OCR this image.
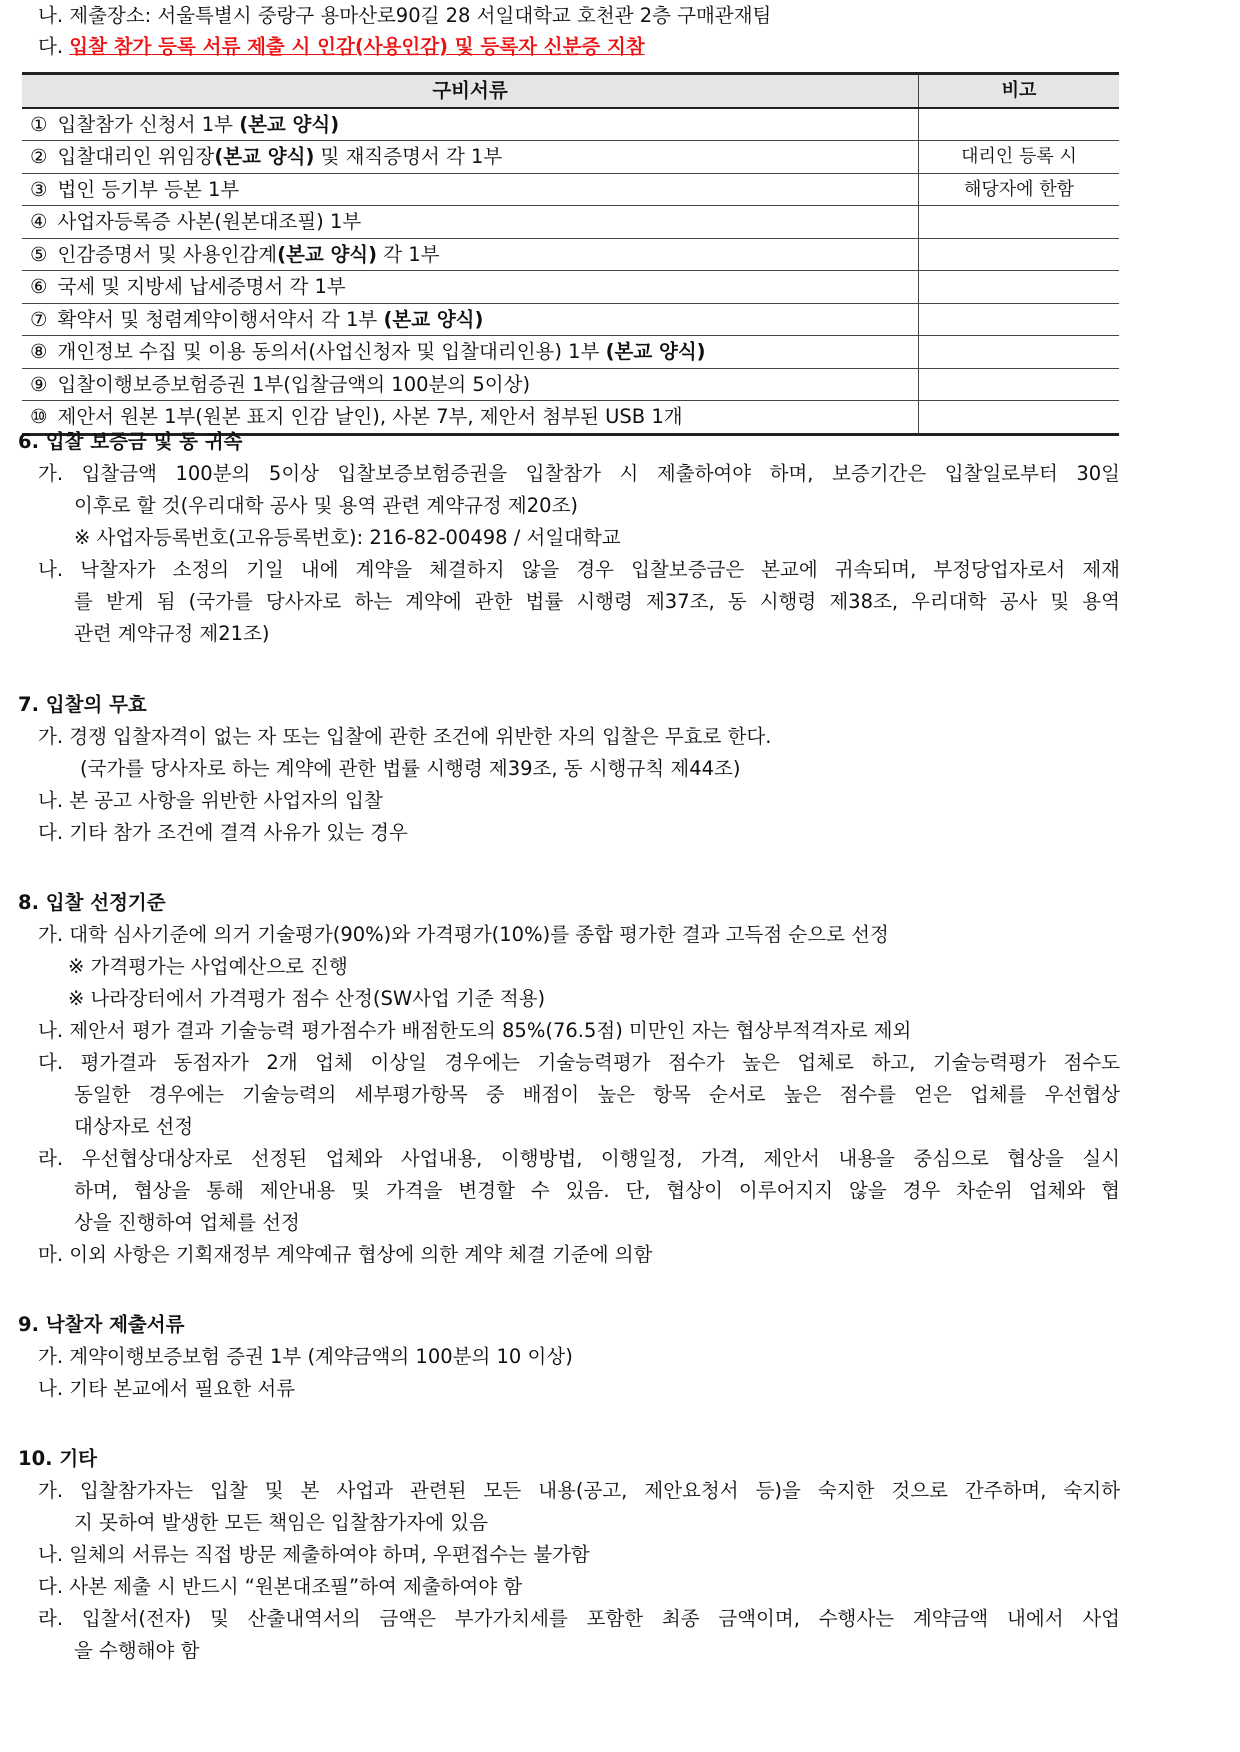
나. 제출장소: 서울특별시 중랑구 용마산로90길 28 서일대학교 호천관 2층 구매관재팀
다. 입찰 참가 등록 서류 제출 시 인감(사용인감) 및 등록자 신분증 지참
구비서류	비고
① 입찰참가 신청서 1부 (본교 양식)	
② 입찰대리인 위임장(본교 양식) 및 재직증명서 각 1부	대리인 등록 시
③ 법인 등기부 등본 1부	해당자에 한함
④ 사업자등록증 사본(원본대조필) 1부	
⑤ 인감증명서 및 사용인감계(본교 양식) 각 1부	
⑥ 국세 및 지방세 납세증명서 각 1부	
⑦ 확약서 및 청렴계약이행서약서 각 1부 (본교 양식)	
⑧ 개인정보 수집 및 이용 동의서(사업신청자 및 입찰대리인용) 1부 (본교 양식)	
⑨ 입찰이행보증보험증권 1부(입찰금액의 100분의 5이상)	
⑩ 제안서 원본 1부(원본 표지 인감 날인), 사본 7부, 제안서 첨부된 USB 1개	
6. 입찰 보증금 및 동 귀속
가. 입찰금액 100분의 5이상 입찰보증보험증권을 입찰참가 시 제출하여야 하며, 보증기간은 입찰일로부터 30일
이후로 할 것(우리대학 공사 및 용역 관련 계약규정 제20조)
※ 사업자등록번호(고유등록번호): 216-82-00498 / 서일대학교
나. 낙찰자가 소정의 기일 내에 계약을 체결하지 않을 경우 입찰보증금은 본교에 귀속되며, 부정당업자로서 제재
를 받게 됨 (국가를 당사자로 하는 계약에 관한 법률 시행령 제37조, 동 시행령 제38조, 우리대학 공사 및 용역
관련 계약규정 제21조)
7. 입찰의 무효
가. 경쟁 입찰자격이 없는 자 또는 입찰에 관한 조건에 위반한 자의 입찰은 무효로 한다.
(국가를 당사자로 하는 계약에 관한 법률 시행령 제39조, 동 시행규칙 제44조)
나. 본 공고 사항을 위반한 사업자의 입찰
다. 기타 참가 조건에 결격 사유가 있는 경우
8. 입찰 선정기준
가. 대학 심사기준에 의거 기술평가(90%)와 가격평가(10%)를 종합 평가한 결과 고득점 순으로 선정
※ 가격평가는 사업예산으로 진행
※ 나라장터에서 가격평가 점수 산정(SW사업 기준 적용)
나. 제안서 평가 결과 기술능력 평가점수가 배점한도의 85%(76.5점) 미만인 자는 협상부적격자로 제외
다. 평가결과 동점자가 2개 업체 이상일 경우에는 기술능력평가 점수가 높은 업체로 하고, 기술능력평가 점수도
동일한 경우에는 기술능력의 세부평가항목 중 배점이 높은 항목 순서로 높은 점수를 얻은 업체를 우선협상
대상자로 선정
라. 우선협상대상자로 선정된 업체와 사업내용, 이행방법, 이행일정, 가격, 제안서 내용을 중심으로 협상을 실시
하며, 협상을 통해 제안내용 및 가격을 변경할 수 있음. 단, 협상이 이루어지지 않을 경우 차순위 업체와 협
상을 진행하여 업체를 선정
마. 이외 사항은 기획재정부 계약예규 협상에 의한 계약 체결 기준에 의함
9. 낙찰자 제출서류
가. 계약이행보증보험 증권 1부 (계약금액의 100분의 10 이상)
나. 기타 본교에서 필요한 서류
10. 기타
가. 입찰참가자는 입찰 및 본 사업과 관련된 모든 내용(공고, 제안요청서 등)을 숙지한 것으로 간주하며, 숙지하
지 못하여 발생한 모든 책임은 입찰참가자에 있음
나. 일체의 서류는 직접 방문 제출하여야 하며, 우편접수는 불가함
다. 사본 제출 시 반드시 “원본대조필”하여 제출하여야 함
라. 입찰서(전자) 및 산출내역서의 금액은 부가가치세를 포함한 최종 금액이며, 수행사는 계약금액 내에서 사업
을 수행해야 함
